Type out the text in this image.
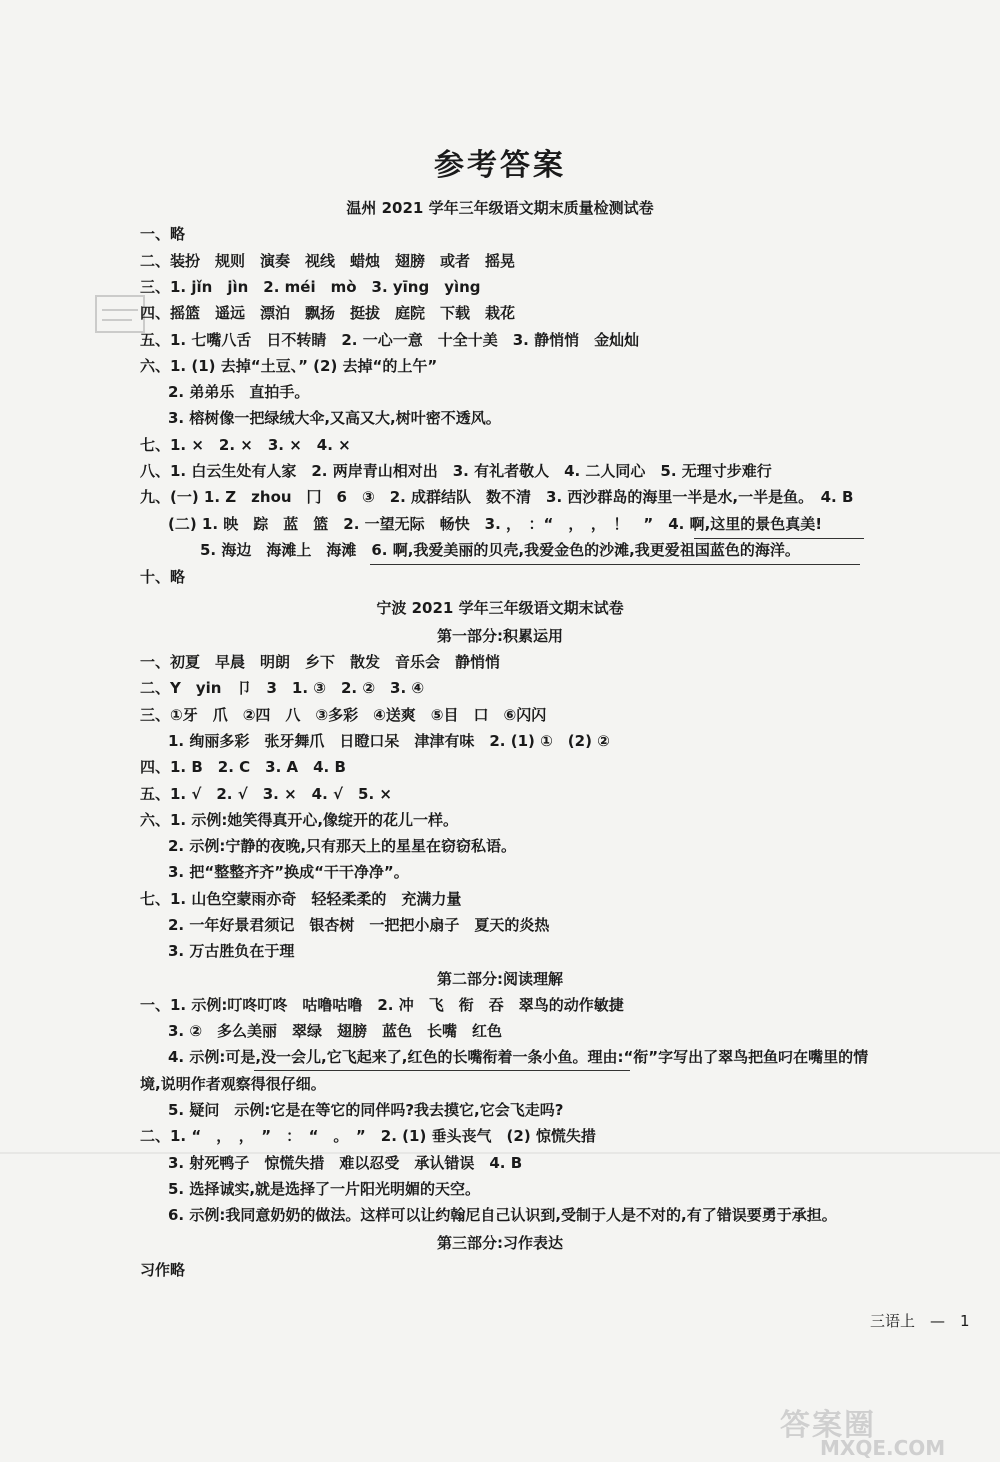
参考答案
温州 2021 学年三年级语文期末质量检测试卷
一、略
二、装扮　规则　演奏　视线　蜡烛　翅膀　或者　摇晃
三、1. jǐn　jìn　2. méi　mò　3. yīng　yìng
四、摇篮　遥远　漂泊　飘扬　挺拔　庭院　下载　栽花
五、1. 七嘴八舌　日不转睛　2. 一心一意　十全十美　3. 静悄悄　金灿灿
六、1. (1) 去掉“土豆、” (2) 去掉“的上午”
2. 弟弟乐　直拍手。
3. 榕树像一把绿绒大伞,又高又大,树叶密不透风。
七、1. ×　2. ×　3. ×　4. ×
八、1. 白云生处有人家　2. 两岸青山相对出　3. 有礼者敬人　4. 二人同心　5. 无理寸步难行
九、(一) 1. Z　zhou　冂　6　③　2. 成群结队　数不清　3. 西沙群岛的海里一半是水,一半是鱼。　4. B
(二) 1. 映　踪　蓝　篮　2. 一望无际　畅快　3. ，　：“　，　，　！　”　4. 啊,这里的景色真美!
5. 海边　海滩上　海滩　6. 啊,我爱美丽的贝壳,我爱金色的沙滩,我更爱祖国蓝色的海洋。
十、略
宁波 2021 学年三年级语文期末试卷
第一部分:积累运用
一、初夏　早晨　明朗　乡下　散发　音乐会　静悄悄
二、Y　yin　卩　3　1. ③　2. ②　3. ④
三、①牙　爪　②四　八　③多彩　④送爽　⑤目　口　⑥闪闪
1. 绚丽多彩　张牙舞爪　日瞪口呆　津津有味　2. (1) ①　(2) ②
四、1. B　2. C　3. A　4. B
五、1. √　2. √　3. ×　4. √　5. ×
六、1. 示例:她笑得真开心,像绽开的花儿一样。
2. 示例:宁静的夜晚,只有那天上的星星在窃窃私语。
3. 把“整整齐齐”换成“干干净净”。
七、1. 山色空蒙雨亦奇　轻轻柔柔的　充满力量
2. 一年好景君须记　银杏树　一把把小扇子　夏天的炎热
3. 万古胜负在于理
第二部分:阅读理解
一、1. 示例:叮咚叮咚　咕噜咕噜　2. 冲　飞　衔　吞　翠鸟的动作敏捷
3. ②　多么美丽　翠绿　翅膀　蓝色　长嘴　红色
4. 示例:可是,没一会儿,它飞起来了,红色的长嘴衔着一条小鱼。理由:“衔”字写出了翠鸟把鱼叼在嘴里的情
境,说明作者观察得很仔细。
5. 疑问　示例:它是在等它的同伴吗?我去摸它,它会飞走吗?
二、1. “　，　，　”　：　“　。　”　2. (1) 垂头丧气　(2) 惊慌失措
3. 射死鸭子　惊慌失措　难以忍受　承认错误　4. B
5. 选择诚实,就是选择了一片阳光明媚的天空。
6. 示例:我同意奶奶的做法。这样可以让约翰尼自己认识到,受制于人是不对的,有了错误要勇于承担。
第三部分:习作表达
习作略
三语上　—　1
答案圈
MXQE.COM
